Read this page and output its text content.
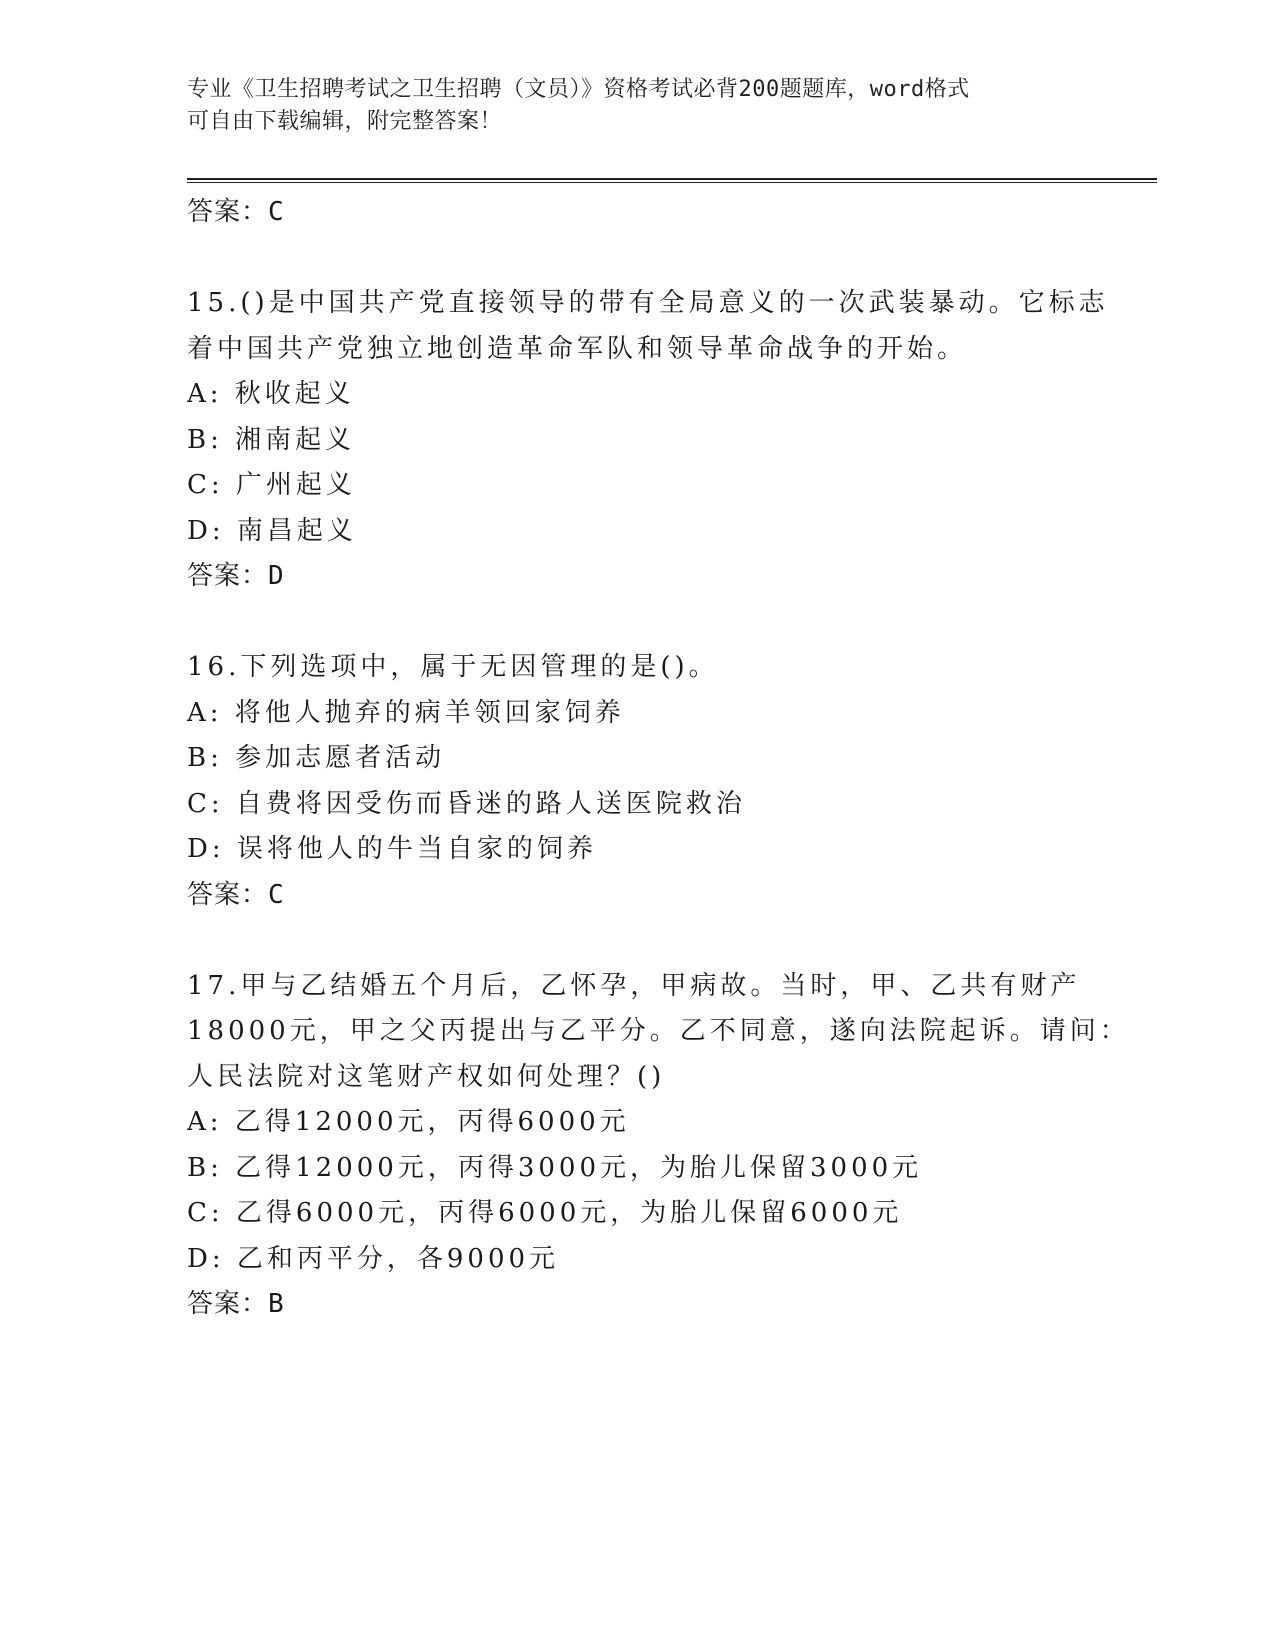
专业《卫生招聘考试之卫生招聘（文员）》资格考试必背200题题库，word格式
可自由下载编辑，附完整答案！
答案：C
15.()是中国共产党直接领导的带有全局意义的一次武装暴动。它标志
着中国共产党独立地创造革命军队和领导革命战争的开始。
A: 秋收起义
B: 湘南起义
C: 广州起义
D: 南昌起义
答案：D
16.下列选项中，属于无因管理的是()。
A: 将他人抛弃的病羊领回家饲养
B: 参加志愿者活动
C: 自费将因受伤而昏迷的路人送医院救治
D: 误将他人的牛当自家的饲养
答案：C
17.甲与乙结婚五个月后，乙怀孕，甲病故。当时，甲、乙共有财产
18000元，甲之父丙提出与乙平分。乙不同意，遂向法院起诉。请问：
人民法院对这笔财产权如何处理？()
A: 乙得12000元，丙得6000元
B: 乙得12000元，丙得3000元，为胎儿保留3000元
C: 乙得6000元，丙得6000元，为胎儿保留6000元
D: 乙和丙平分，各9000元
答案：B
